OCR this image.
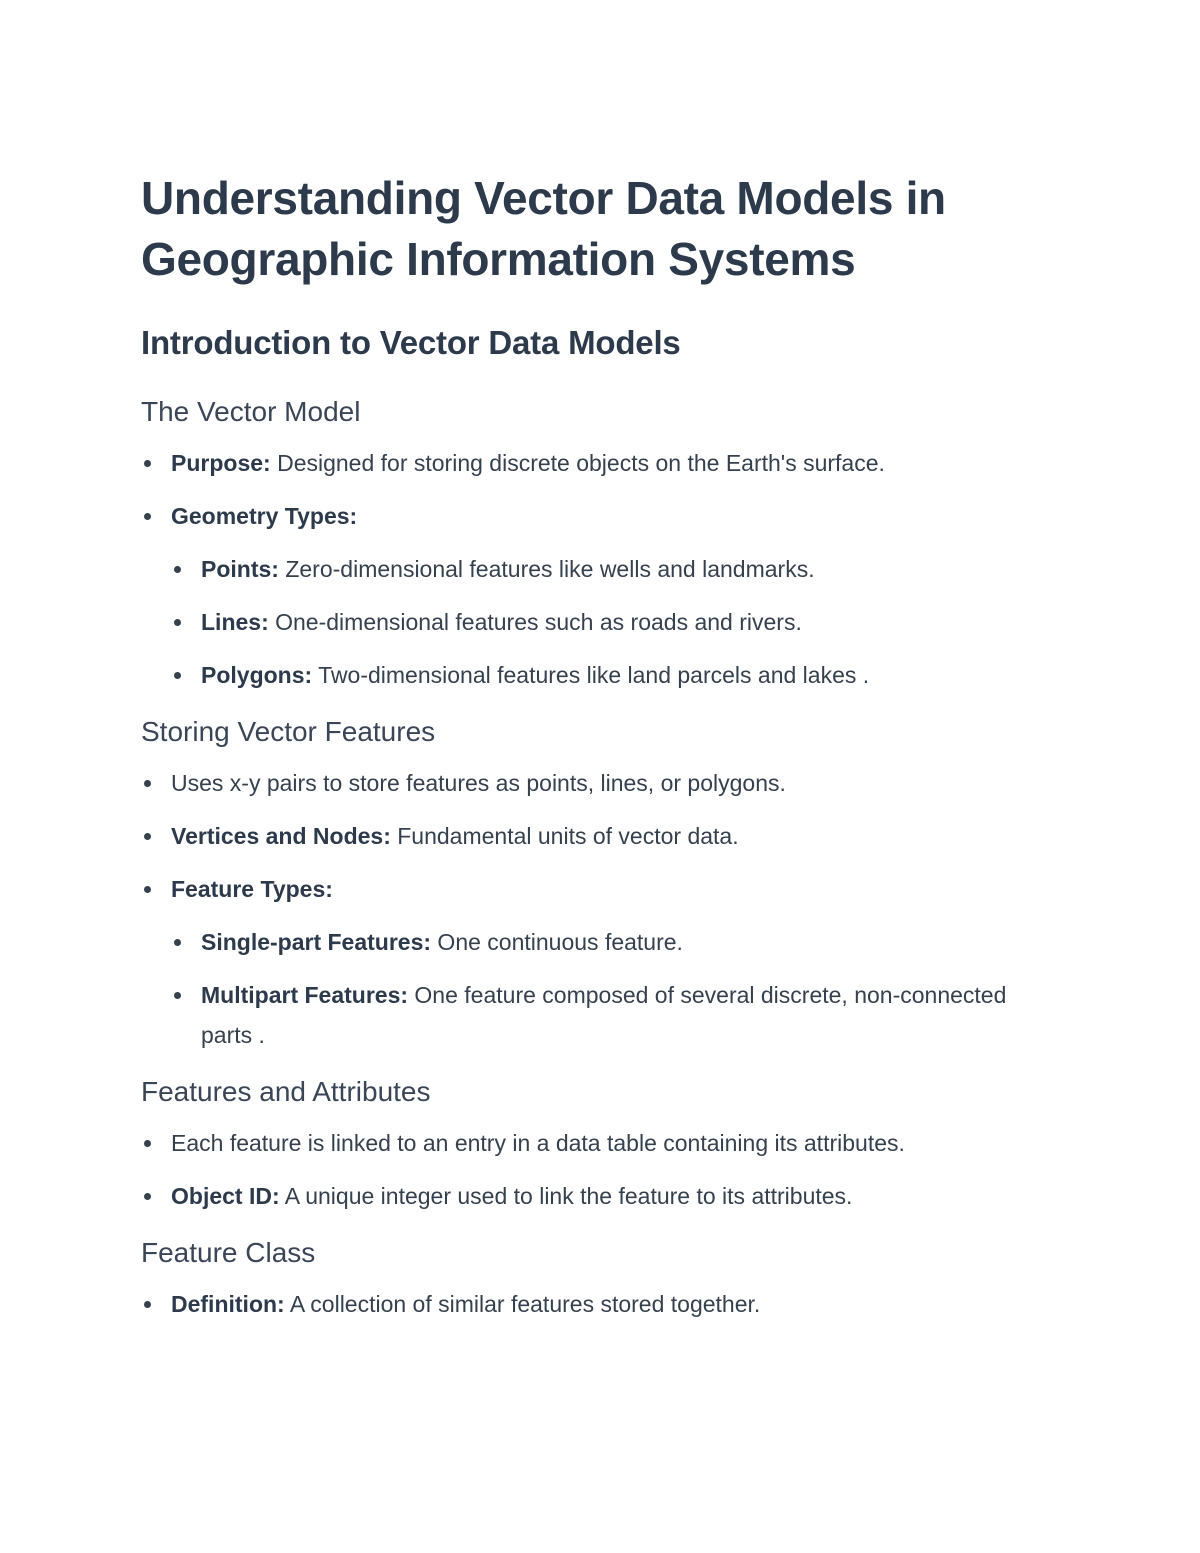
Understanding Vector Data Models in Geographic Information Systems
Introduction to Vector Data Models
The Vector Model
Purpose: Designed for storing discrete objects on the Earth's surface.
Geometry Types:
Points: Zero-dimensional features like wells and landmarks.
Lines: One-dimensional features such as roads and rivers.
Polygons: Two-dimensional features like land parcels and lakes .
Storing Vector Features
Uses x-y pairs to store features as points, lines, or polygons.
Vertices and Nodes: Fundamental units of vector data.
Feature Types:
Single-part Features: One continuous feature.
Multipart Features: One feature composed of several discrete, non-connected parts .
Features and Attributes
Each feature is linked to an entry in a data table containing its attributes.
Object ID: A unique integer used to link the feature to its attributes.
Feature Class
Definition: A collection of similar features stored together.
